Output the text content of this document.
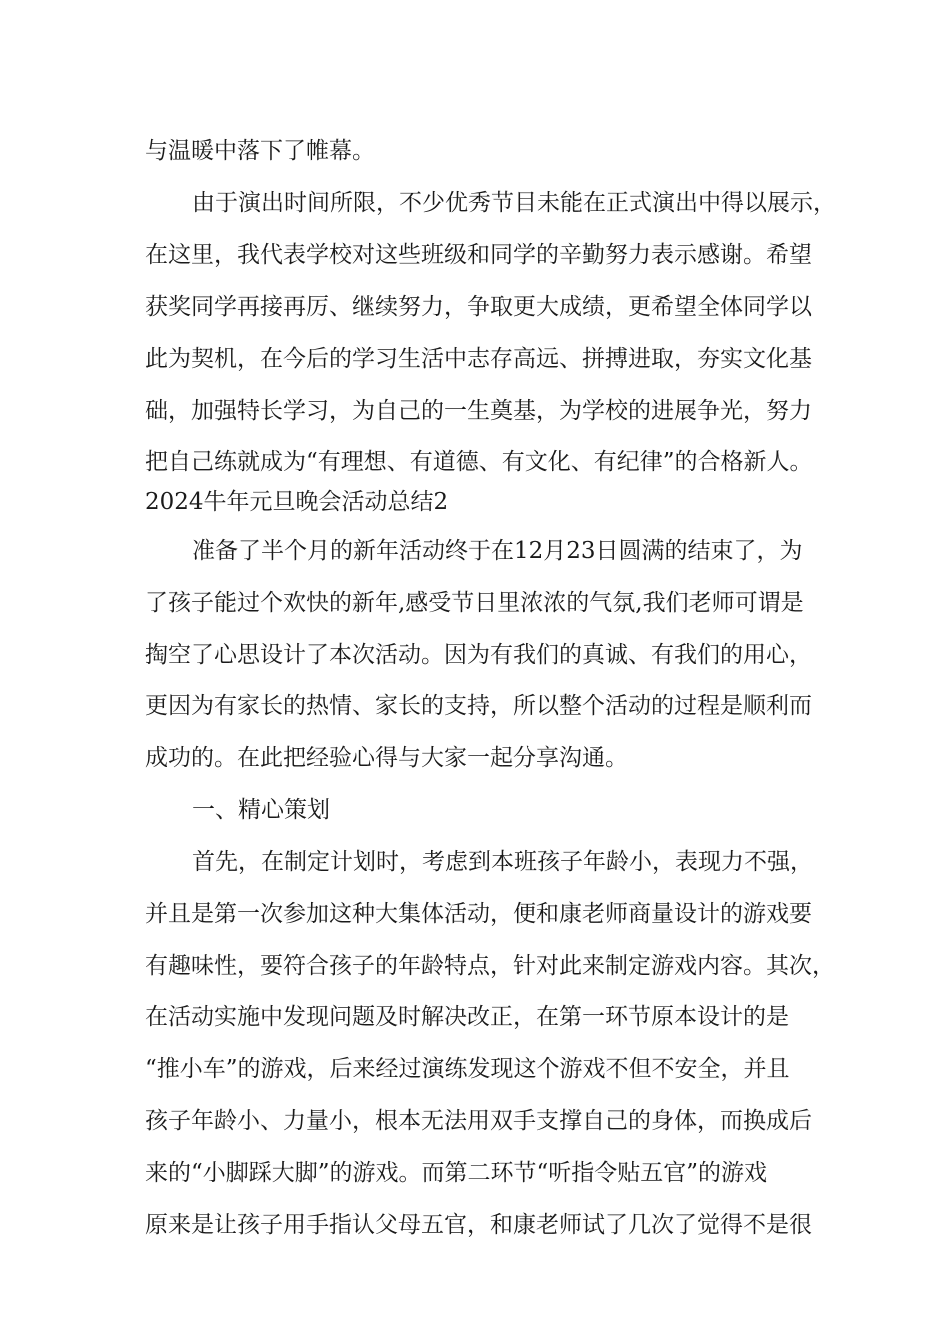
与温暖中落下了帷幕。
由于演出时间所限，不少优秀节目未能在正式演出中得以展示，
在这里，我代表学校对这些班级和同学的辛勤努力表示感谢。希望
获奖同学再接再厉、继续努力，争取更大成绩，更希望全体同学以
此为契机，在今后的学习生活中志存高远、拼搏进取，夯实文化基
础，加强特长学习，为自己的一生奠基，为学校的进展争光，努力
把自己练就成为“有理想、有道德、有文化、有纪律”的合格新人。
2024牛年元旦晚会活动总结2
准备了半个月的新年活动终于在12月23日圆满的结束了，为
了孩子能过个欢快的新年,感受节日里浓浓的气氛,我们老师可谓是
掏空了心思设计了本次活动。因为有我们的真诚、有我们的用心，
更因为有家长的热情、家长的支持，所以整个活动的过程是顺利而
成功的。在此把经验心得与大家一起分享沟通。
一、精心策划
首先，在制定计划时，考虑到本班孩子年龄小，表现力不强，
并且是第一次参加这种大集体活动，便和康老师商量设计的游戏要
有趣味性，要符合孩子的年龄特点，针对此来制定游戏内容。其次，
在活动实施中发现问题及时解决改正，在第一环节原本设计的是
“推小车”的游戏，后来经过演练发现这个游戏不但不安全，并且
孩子年龄小、力量小，根本无法用双手支撑自己的身体，而换成后
来的“小脚踩大脚”的游戏。而第二环节“听指令贴五官”的游戏
原来是让孩子用手指认父母五官，和康老师试了几次了觉得不是很
